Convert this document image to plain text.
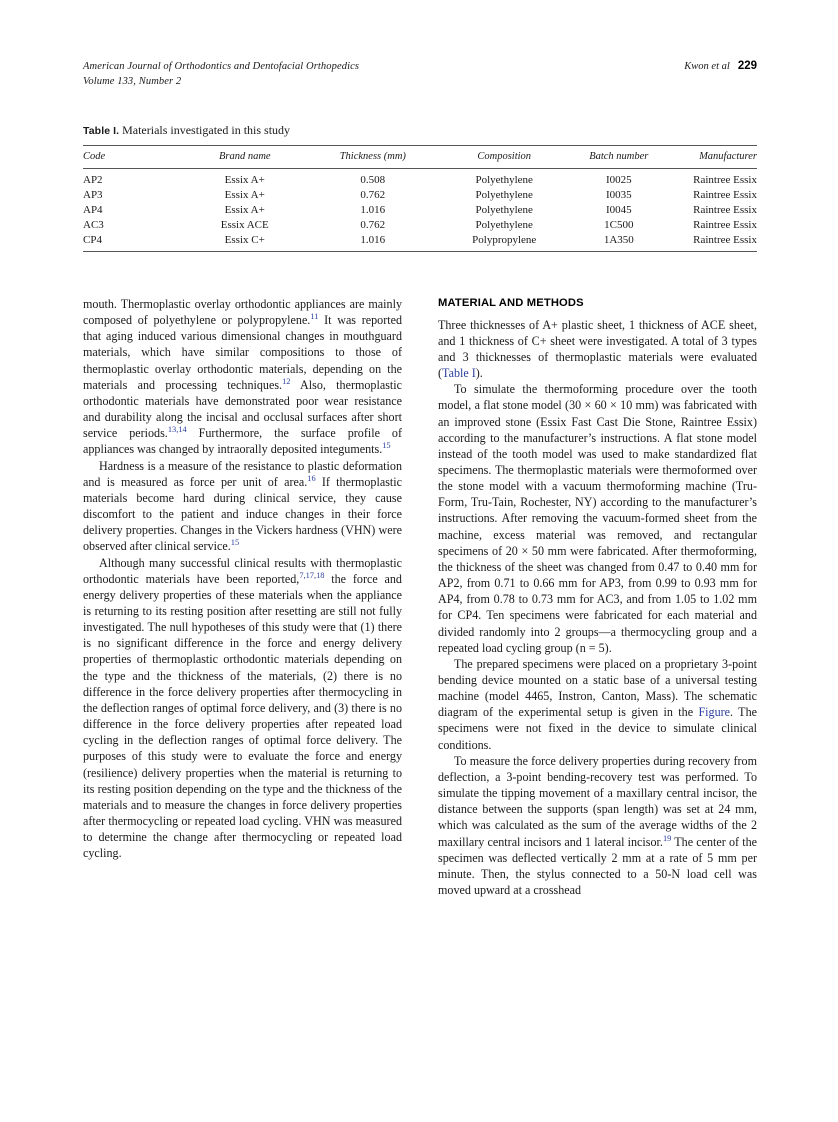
American Journal of Orthodontics and Dentofacial Orthopedics
Volume 133, Number 2
Kwon et al 229
Table I. Materials investigated in this study
Code	Brand name	Thickness (mm)	Composition	Batch number	Manufacturer
AP2	Essix A+	0.508	Polyethylene	I0025	Raintree Essix
AP3	Essix A+	0.762	Polyethylene	I0035	Raintree Essix
AP4	Essix A+	1.016	Polyethylene	I0045	Raintree Essix
AC3	Essix ACE	0.762	Polyethylene	1C500	Raintree Essix
CP4	Essix C+	1.016	Polypropylene	1A350	Raintree Essix

mouth. Thermoplastic overlay orthodontic appliances are mainly composed of polyethylene or polypropylene.$^{11}$ It was reported that aging induced various dimensional changes in mouthguard materials, which have similar compositions to those of thermoplastic overlay orthodontic materials, depending on the materials and processing techniques.$^{12}$ Also, thermoplastic orthodontic materials have demonstrated poor wear resistance and durability along the incisal and occlusal surfaces after short service periods.$^{13,14}$ Furthermore, the surface profile of appliances was changed by intraorally deposited integuments.$^{15}$

Hardness is a measure of the resistance to plastic deformation and is measured as force per unit of area.$^{16}$ If thermoplastic materials become hard during clinical service, they cause discomfort to the patient and induce changes in their force delivery properties. Changes in the Vickers hardness (VHN) were observed after clinical service.$^{15}$

Although many successful clinical results with thermoplastic orthodontic materials have been reported,$^{7,17,18}$ the force and energy delivery properties of these materials when the appliance is returning to its resting position after resetting are still not fully investigated. The null hypotheses of this study were that (1) there is no significant difference in the force and energy delivery properties of thermoplastic orthodontic materials depending on the type and the thickness of the materials, (2) there is no difference in the force delivery properties after thermocycling in the deflection ranges of optimal force delivery, and (3) there is no difference in the force delivery properties after repeated load cycling in the deflection ranges of optimal force delivery. The purposes of this study were to evaluate the force and energy (resilience) delivery properties when the material is returning to its resting position depending on the type and the thickness of the materials and to measure the changes in force delivery properties after thermocycling or repeated load cycling. VHN was measured to determine the change after thermocycling or repeated load cycling.

MATERIAL AND METHODS

Three thicknesses of A+ plastic sheet, 1 thickness of ACE sheet, and 1 thickness of C+ sheet were investigated. A total of 3 types and 3 thicknesses of thermoplastic materials were evaluated (Table I).

To simulate the thermoforming procedure over the tooth model, a flat stone model (30 × 60 × 10 mm) was fabricated with an improved stone (Essix Fast Cast Die Stone, Raintree Essix) according to the manufacturer’s instructions. A flat stone model instead of the tooth model was used to make standardized flat specimens. The thermoplastic materials were thermoformed over the stone model with a vacuum thermoforming machine (Tru-Form, Tru-Tain, Rochester, NY) according to the manufacturer’s instructions. After removing the vacuum-formed sheet from the machine, excess material was removed, and rectangular specimens of 20 × 50 mm were fabricated. After thermoforming, the thickness of the sheet was changed from 0.47 to 0.40 mm for AP2, from 0.71 to 0.66 mm for AP3, from 0.99 to 0.93 mm for AP4, from 0.78 to 0.73 mm for AC3, and from 1.05 to 1.02 mm for CP4. Ten specimens were fabricated for each material and divided randomly into 2 groups—a thermocycling group and a repeated load cycling group (n = 5).

The prepared specimens were placed on a proprietary 3-point bending device mounted on a static base of a universal testing machine (model 4465, Instron, Canton, Mass). The schematic diagram of the experimental setup is given in the Figure. The specimens were not fixed in the device to simulate clinical conditions.

To measure the force delivery properties during recovery from deflection, a 3-point bending-recovery test was performed. To simulate the tipping movement of a maxillary central incisor, the distance between the supports (span length) was set at 24 mm, which was calculated as the sum of the average widths of the 2 maxillary central incisors and 1 lateral incisor.$^{19}$ The center of the specimen was deflected vertically 2 mm at a rate of 5 mm per minute. Then, the stylus connected to a 50-N load cell was moved upward at a crosshead
